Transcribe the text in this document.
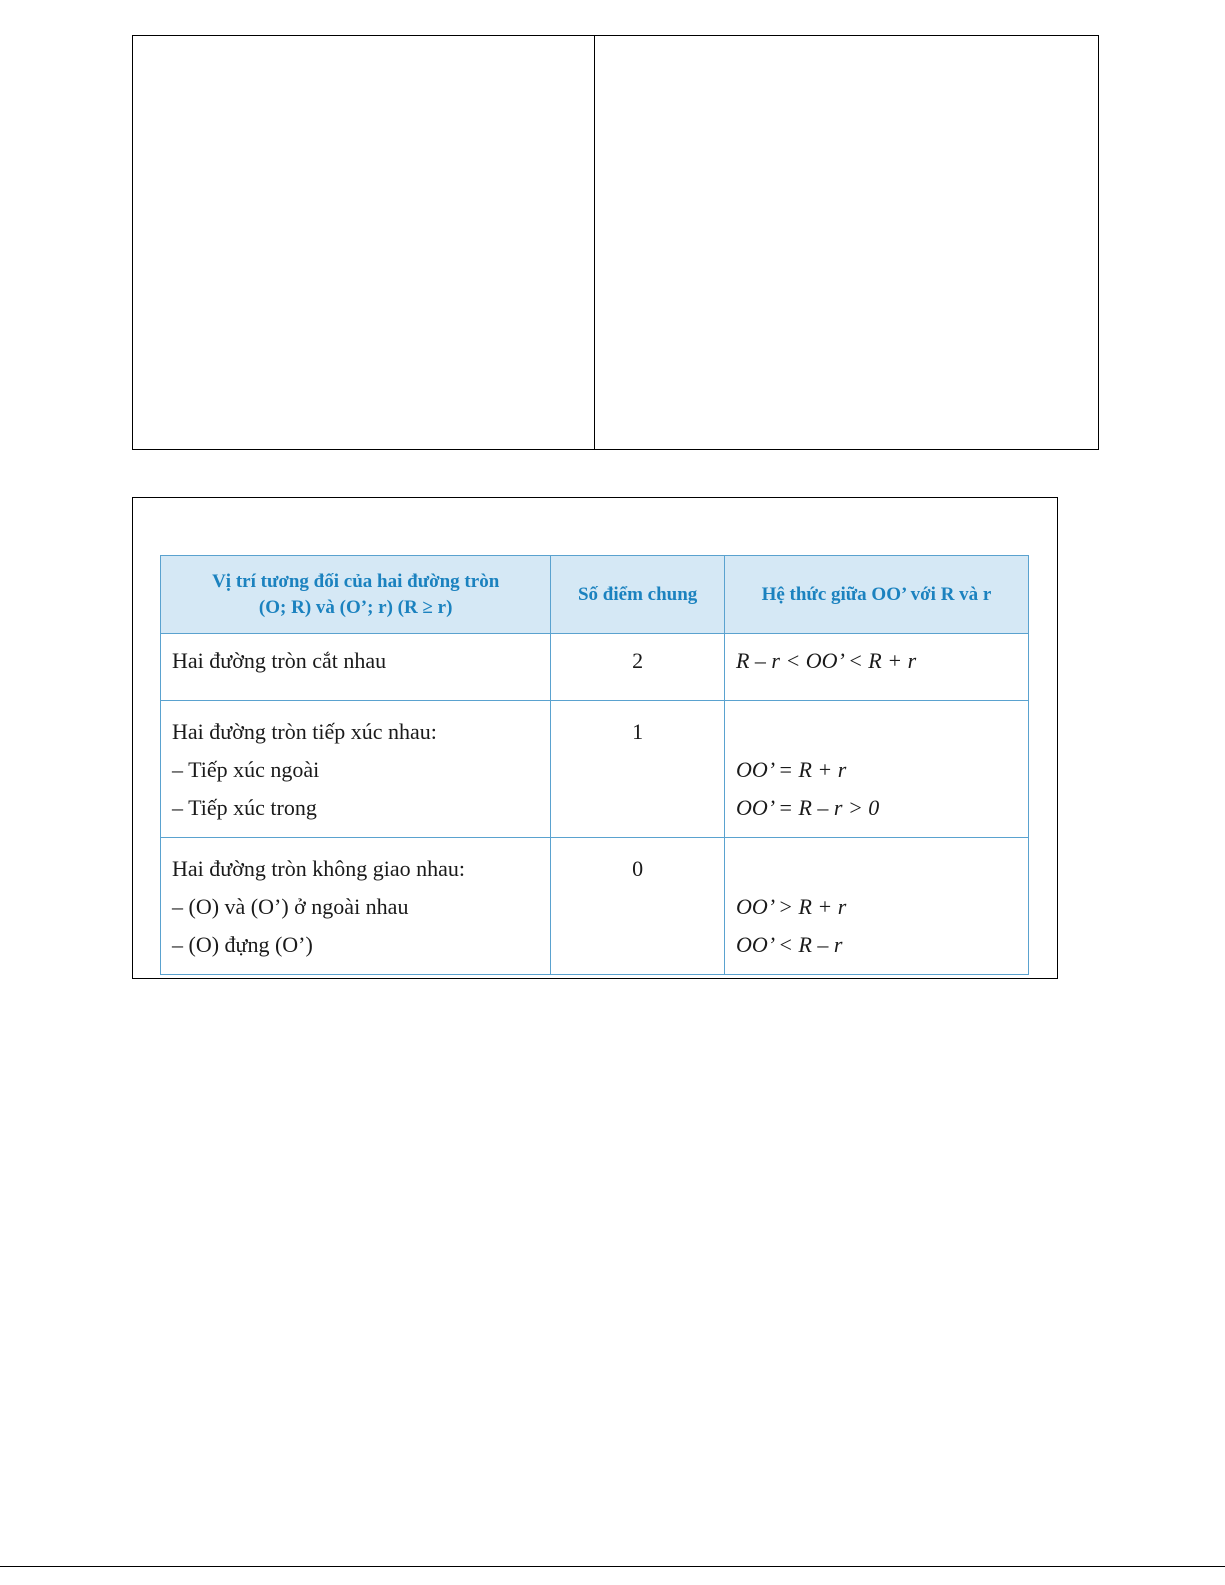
Vị trí tương đối của hai đường tròn
(O; R) và (O’; r) (R ≥ r)	Số điểm chung	Hệ thức giữa OO’ với R và r

Hai đường tròn cắt nhau	2	R – r < OO’ < R + r

Hai đường tròn tiếp xúc nhau:
– Tiếp xúc ngoài
– Tiếp xúc trong	1	OO’ = R + r
OO’ = R – r > 0

Hai đường tròn không giao nhau:
– (O) và (O’) ở ngoài nhau
– (O) đựng (O’)	0	OO’ > R + r
OO’ < R – r
